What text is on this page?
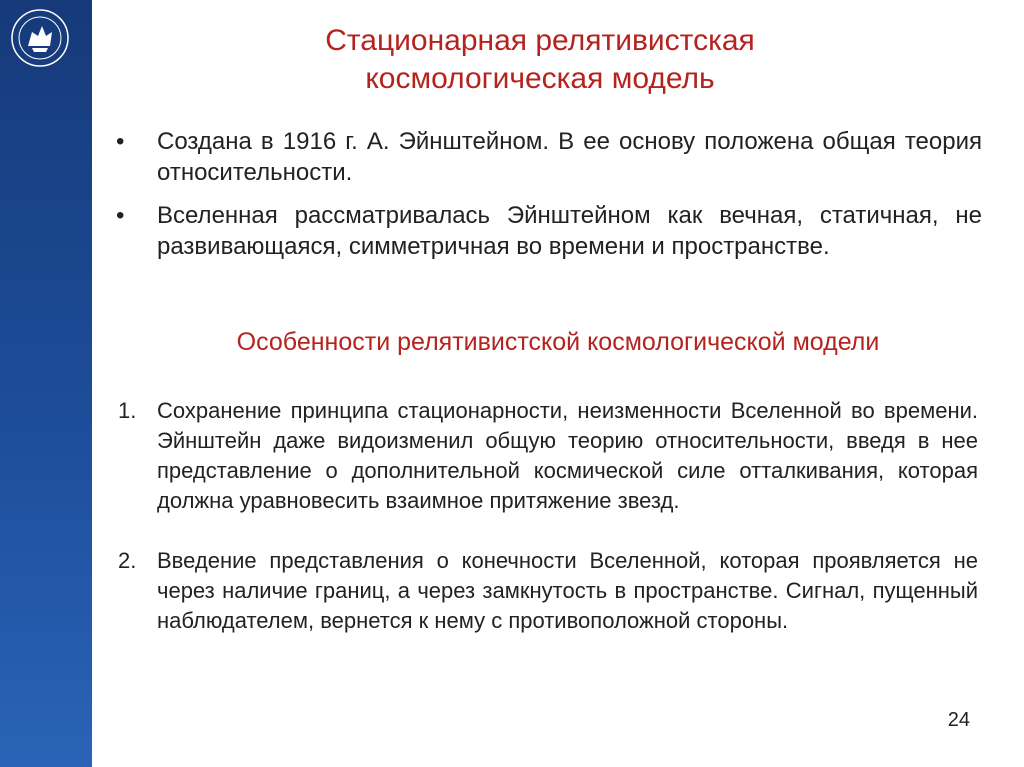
Стационарная релятивистская
космологическая модель
• Создана в 1916 г. А. Эйнштейном. В ее основу положена общая теория относительности.
• Вселенная рассматривалась Эйнштейном как вечная, статичная, не развивающаяся, симметричная во времени и пространстве.
Особенности релятивистской космологической модели
1. Сохранение принципа стационарности, неизменности Вселенной во времени. Эйнштейн даже видоизменил общую теорию относительности, введя в нее представление о дополнительной космической силе отталкивания, которая должна уравновесить взаимное притяжение звезд.
2. Введение представления о конечности Вселенной, которая проявляется не через наличие границ, а через замкнутость в пространстве. Сигнал, пущенный наблюдателем, вернется к нему с противоположной стороны.
24
